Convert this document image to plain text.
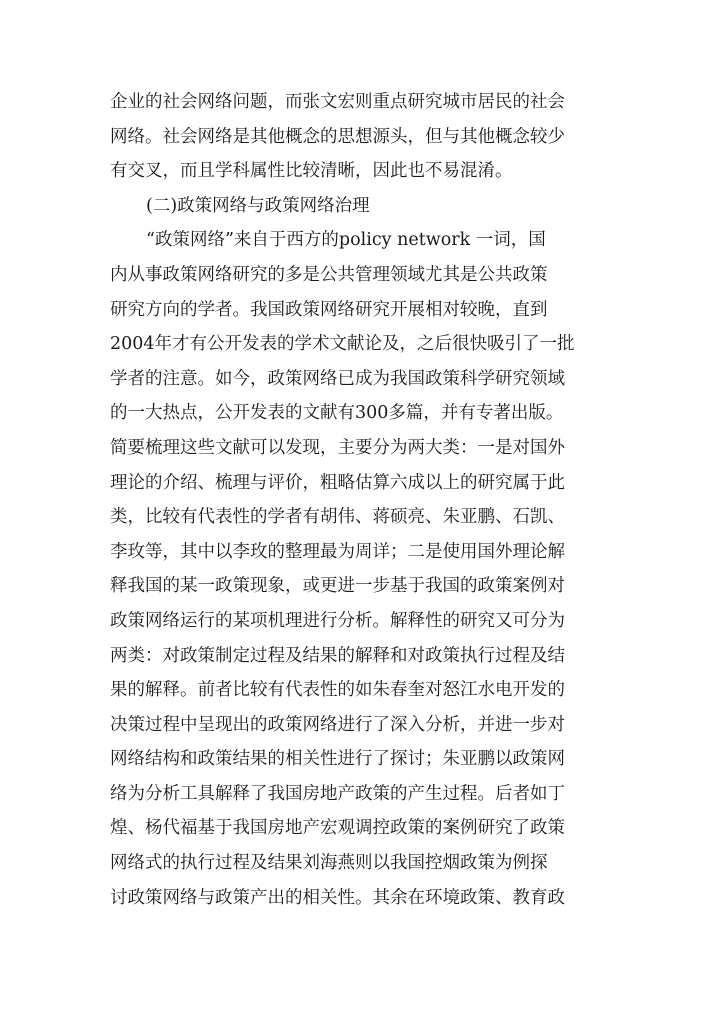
企业的社会网络问题，而张文宏则重点研究城市居民的社会
网络。社会网络是其他概念的思想源头，但与其他概念较少
有交叉，而且学科属性比较清晰，因此也不易混淆。
(二)政策网络与政策网络治理
“政策网络”来自于西方的policy network 一词，国
内从事政策网络研究的多是公共管理领域尤其是公共政策
研究方向的学者。我国政策网络研究开展相对较晚，直到
2004年才有公开发表的学术文献论及，之后很快吸引了一批
学者的注意。如今，政策网络已成为我国政策科学研究领域
的一大热点，公开发表的文献有300多篇，并有专著出版。
简要梳理这些文献可以发现，主要分为两大类：一是对国外
理论的介绍、梳理与评价，粗略估算六成以上的研究属于此
类，比较有代表性的学者有胡伟、蒋硕亮、朱亚鹏、石凯、
李玫等，其中以李玫的整理最为周详；二是使用国外理论解
释我国的某一政策现象，或更进一步基于我国的政策案例对
政策网络运行的某项机理进行分析。解释性的研究又可分为
两类：对政策制定过程及结果的解释和对政策执行过程及结
果的解释。前者比较有代表性的如朱春奎对怒江水电开发的
决策过程中呈现出的政策网络进行了深入分析，并进一步对
网络结构和政策结果的相关性进行了探讨；朱亚鹏以政策网
络为分析工具解释了我国房地产政策的产生过程。后者如丁
煌、杨代福基于我国房地产宏观调控政策的案例研究了政策
网络式的执行过程及结果刘海燕则以我国控烟政策为例探
讨政策网络与政策产出的相关性。其余在环境政策、教育政
